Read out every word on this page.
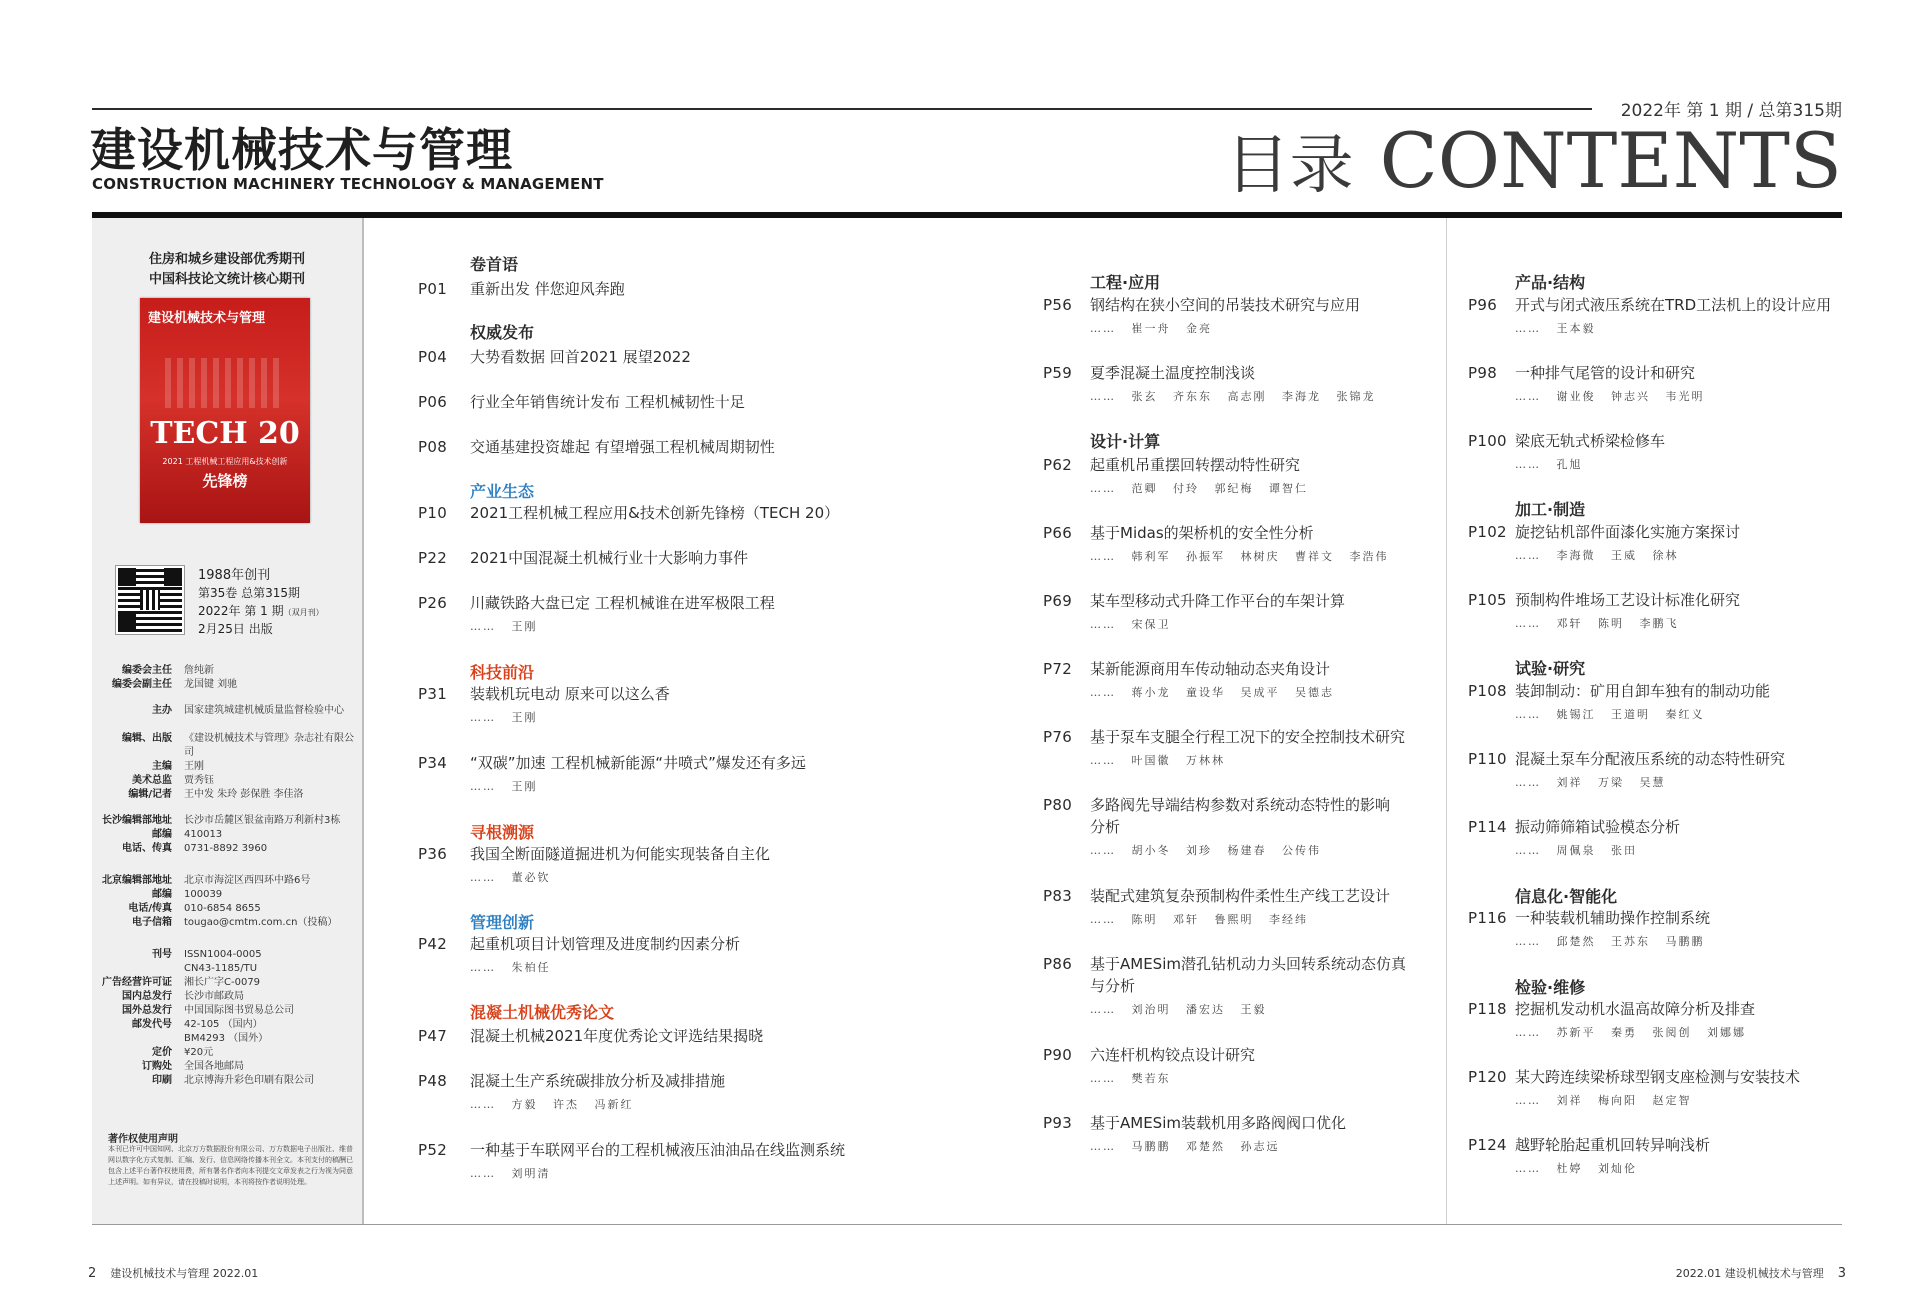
2022年 第 1 期 / 总第315期
建设机械技术与管理
CONSTRUCTION MACHINERY TECHNOLOGY & MANAGEMENT	目录 CONTENTS
住房和城乡建设部优秀期刊
中国科技论文统计核心期刊
建设机械技术与管理
TECH 20
2021 工程机械工程应用&技术创新
先锋榜
1988年创刊
第35卷 总第315期
2022年 第 1 期（双月刊）
2月25日 出版
编委会主任 詹纯新
编委会副主任 龙国键 刘驰
主办 国家建筑城建机械质量监督检验中心
编辑、出版 《建设机械技术与管理》杂志社有限公司
主编 王刚
美术总监 贾秀钰
编辑/记者 王中发 朱玲 彭保胜 李佳洛
长沙编辑部地址 长沙市岳麓区银盆南路万利新村3栋
邮编 410013
电话、传真 0731-8892 3960
北京编辑部地址 北京市海淀区西四环中路6号
邮编 100039
电话/传真 010-6854 8655
电子信箱 tougao@cmtm.com.cn（投稿）
刊号 ISSN1004-0005
CN43-1185/TU
广告经营许可证 湘长广字C-0079
国内总发行 长沙市邮政局
国外总发行 中国国际图书贸易总公司
邮发代号 42-105 （国内）
BM4293 （国外）
定价 ¥20元
订购处 全国各地邮局
印刷 北京博海升彩色印刷有限公司
著作权使用声明
本刊已许可中国知网、北京万方数据股份有限公司、万方数据电子出版社、维普网以数字化方式复制、汇编、发行、信息网络传播本刊全文。本刊支付的稿酬已包含上述平台著作权使用费，所有署名作者向本刊提交文章发表之行为视为同意上述声明。如有异议，请在投稿时说明，本刊将按作者说明处理。
卷首语
权威发布
产业生态
科技前沿
寻根溯源
管理创新
混凝土机械优秀论文
P01 重新出发 伴您迎风奔跑
P04 大势看数据 回首2021 展望2022
P06 行业全年销售统计发布 工程机械韧性十足
P08 交通基建投资雄起 有望增强工程机械周期韧性
P10 2021工程机械工程应用&技术创新先锋榜（TECH 20）
P22 2021中国混凝土机械行业十大影响力事件
P26 川藏铁路大盘已定 工程机械谁在进军极限工程
…… 王刚
P31 装载机玩电动 原来可以这么香
…… 王刚
P34 “双碳”加速 工程机械新能源“井喷式”爆发还有多远
…… 王刚
P36 我国全断面隧道掘进机为何能实现装备自主化
…… 董必钦
P42 起重机项目计划管理及进度制约因素分析
…… 朱柏任
P47 混凝土机械2021年度优秀论文评选结果揭晓
P48 混凝土生产系统碳排放分析及减排措施
…… 方毅 许杰 冯新红
P52 一种基于车联网平台的工程机械液压油油品在线监测系统
…… 刘明清
工程·应用
设计·计算
P56 钢结构在狭小空间的吊装技术研究与应用
…… 崔一舟 金亮
P59 夏季混凝土温度控制浅谈
…… 张玄 齐东东 高志刚 李海龙 张锦龙
P62 起重机吊重摆回转摆动特性研究
…… 范卿 付玲 郭纪梅 谭智仁
P66 基于Midas的架桥机的安全性分析
…… 韩利军 孙振军 林树庆 曹祥文 李浩伟
P69 某车型移动式升降工作平台的车架计算
…… 宋保卫
P72 某新能源商用车传动轴动态夹角设计
…… 蒋小龙 童设华 吴成平 吴德志
P76 基于泵车支腿全行程工况下的安全控制技术研究
…… 叶国徽 万林林
P80 多路阀先导端结构参数对系统动态特性的影响
分析
…… 胡小冬 刘珍 杨建春 公传伟
P83 装配式建筑复杂预制构件柔性生产线工艺设计
…… 陈明 邓轩 鲁熙明 李经纬
P86 基于AMESim潜孔钻机动力头回转系统动态仿真
与分析
…… 刘治明 潘宏达 王毅
P90 六连杆机构铰点设计研究
…… 樊若东
P93 基于AMESim装载机用多路阀阀口优化
…… 马鹏鹏 邓楚然 孙志远
产品·结构
加工·制造
试验·研究
信息化·智能化
检验·维修
P96 开式与闭式液压系统在TRD工法机上的设计应用
…… 王本毅
P98 一种排气尾管的设计和研究
…… 谢业俊 钟志兴 韦光明
P100 梁底无轨式桥梁检修车
…… 孔旭
P102 旋挖钻机部件面漆化实施方案探讨
…… 李海微 王威 徐林
P105 预制构件堆场工艺设计标准化研究
…… 邓轩 陈明 李鹏飞
P108 装卸制动：矿用自卸车独有的制动功能
…… 姚锡江 王道明 秦红义
P110 混凝土泵车分配液压系统的动态特性研究
…… 刘祥 万梁 吴慧
P114 振动筛筛箱试验模态分析
…… 周佩泉 张田
P116 一种装载机辅助操作控制系统
…… 邱楚然 王苏东 马鹏鹏
P118 挖掘机发动机水温高故障分析及排查
…… 苏新平 秦勇 张阅创 刘娜娜
P120 某大跨连续梁桥球型钢支座检测与安装技术
…… 刘祥 梅向阳 赵定智
P124 越野轮胎起重机回转异响浅析
…… 杜婷 刘灿伦
2 建设机械技术与管理 2022.01	2022.01 建设机械技术与管理 3
